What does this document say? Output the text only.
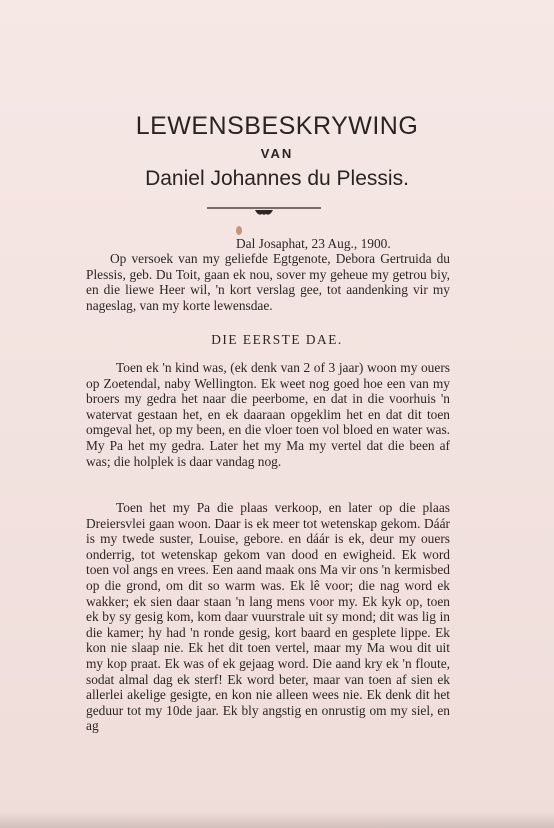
LEWENSBESKRYWING
VAN
Daniel Johannes du Plessis.
Dal Josaphat, 23 Aug., 1900.

Op versoek van my geliefde Egtgenote, Debora Gertruida du Plessis, geb. Du Toit, gaan ek nou, sover my geheue my getrou biy, en die liewe Heer wil, 'n kort verslag gee, tot aandenking vir my nageslag, van my korte lewensdae.

DIE EERSTE DAE.

Toen ek 'n kind was, (ek denk van 2 of 3 jaar) woon my ouers op Zoetendal, naby Wellington. Ek weet nog goed hoe een van my broers my gedra het naar die peerbome, en dat in die voorhuis 'n watervat gestaan het, en ek daaraan opgeklim het en dat dit toen omgeval het, op my been, en die vloer toen vol bloed en water was. My Pa het my gedra. Later het my Ma my vertel dat die been af was; die holplek is daar vandag nog.

Toen het my Pa die plaas verkoop, en later op die plaas Dreiersvlei gaan woon. Daar is ek meer tot wetenskap gekom. Dáár is my twede suster, Louise, gebore. en dáár is ek, deur my ouers onderrig, tot wetenskap gekom van dood en ewigheid. Ek word toen vol angs en vrees. Een aand maak ons Ma vir ons 'n kermisbed op die grond, om dit so warm was. Ek lê voor; die nag word ek wakker; ek sien daar staan 'n lang mens voor my. Ek kyk op, toen ek by sy gesig kom, kom daar vuurstrale uit sy mond; dit was lig in die kamer; hy had 'n ronde gesig, kort baard en gesplete lippe. Ek kon nie slaap nie. Ek het dit toen vertel, maar my Ma wou dit uit my kop praat. Ek was of ek gejaag word. Die aand kry ek 'n floute, sodat almal dag ek sterf! Ek word beter, maar van toen af sien ek allerlei akelige gesigte, en kon nie alleen wees nie. Ek denk dit het geduur tot my 10de jaar. Ek bly angstig en onrustig om my siel, en ag
